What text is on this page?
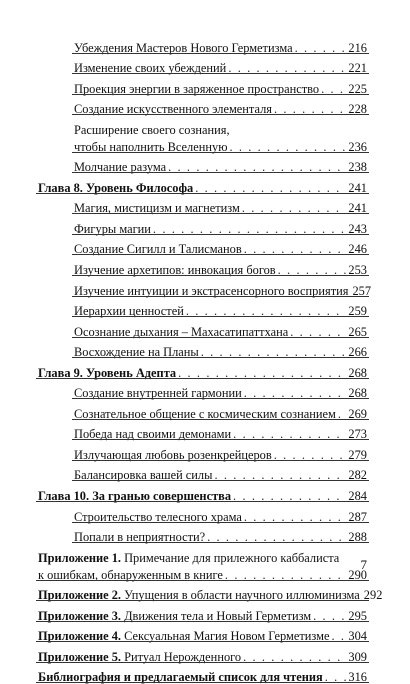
Убеждения Мастеров Нового Герметизма . . .	216
Изменение своих убеждений . . .	221
Проекция энергии в заряженное пространство . . . 225
Создание искусственного элементаля . . .	228
Расширение своего сознания,
чтобы наполнить Вселенную . . .	236
Молчание разума . . .	238
Глава 8. Уровень Философа . . .	241
Магия, мистицизм и магнетизм . . .	241
Фигуры магии . . .	243
Создание Сигилл и Талисманов . . .	246
Изучение архетипов: инвокация богов . . .	253
Изучение интуиции и экстрасенсорного восприятия 257
Иерархии ценностей . . .	259
Осознание дыхания – Махасатипаттхана . . .	265
Восхождение на Планы . . .	266
Глава 9. Уровень Адепта . . .	268
Создание внутренней гармонии . . .	268
Сознательное общение с космическим сознанием . . . 269
Победа над своими демонами . . .	273
Излучающая любовь розенкрейцеров . . .	279
Балансировка вашей силы . . .	282
Глава 10. За гранью совершенства . . .	284
Строительство телесного храма . . .	287
Попали в неприятности? . . .	288
Приложение 1. Примечание для прилежного каббалиста
к ошибкам, обнаруженным в книге . . .	290
Приложение 2. Упущения в области научного иллюминизма 292
Приложение 3. Движения тела и Новый Герметизм . . .	295
Приложение 4. Сексуальная Магия Новом Герметизме . . . 304
Приложение 5. Ритуал Нерожденного . . .	309
Библиография и предлагаемый список для чтения . . . 316
7
